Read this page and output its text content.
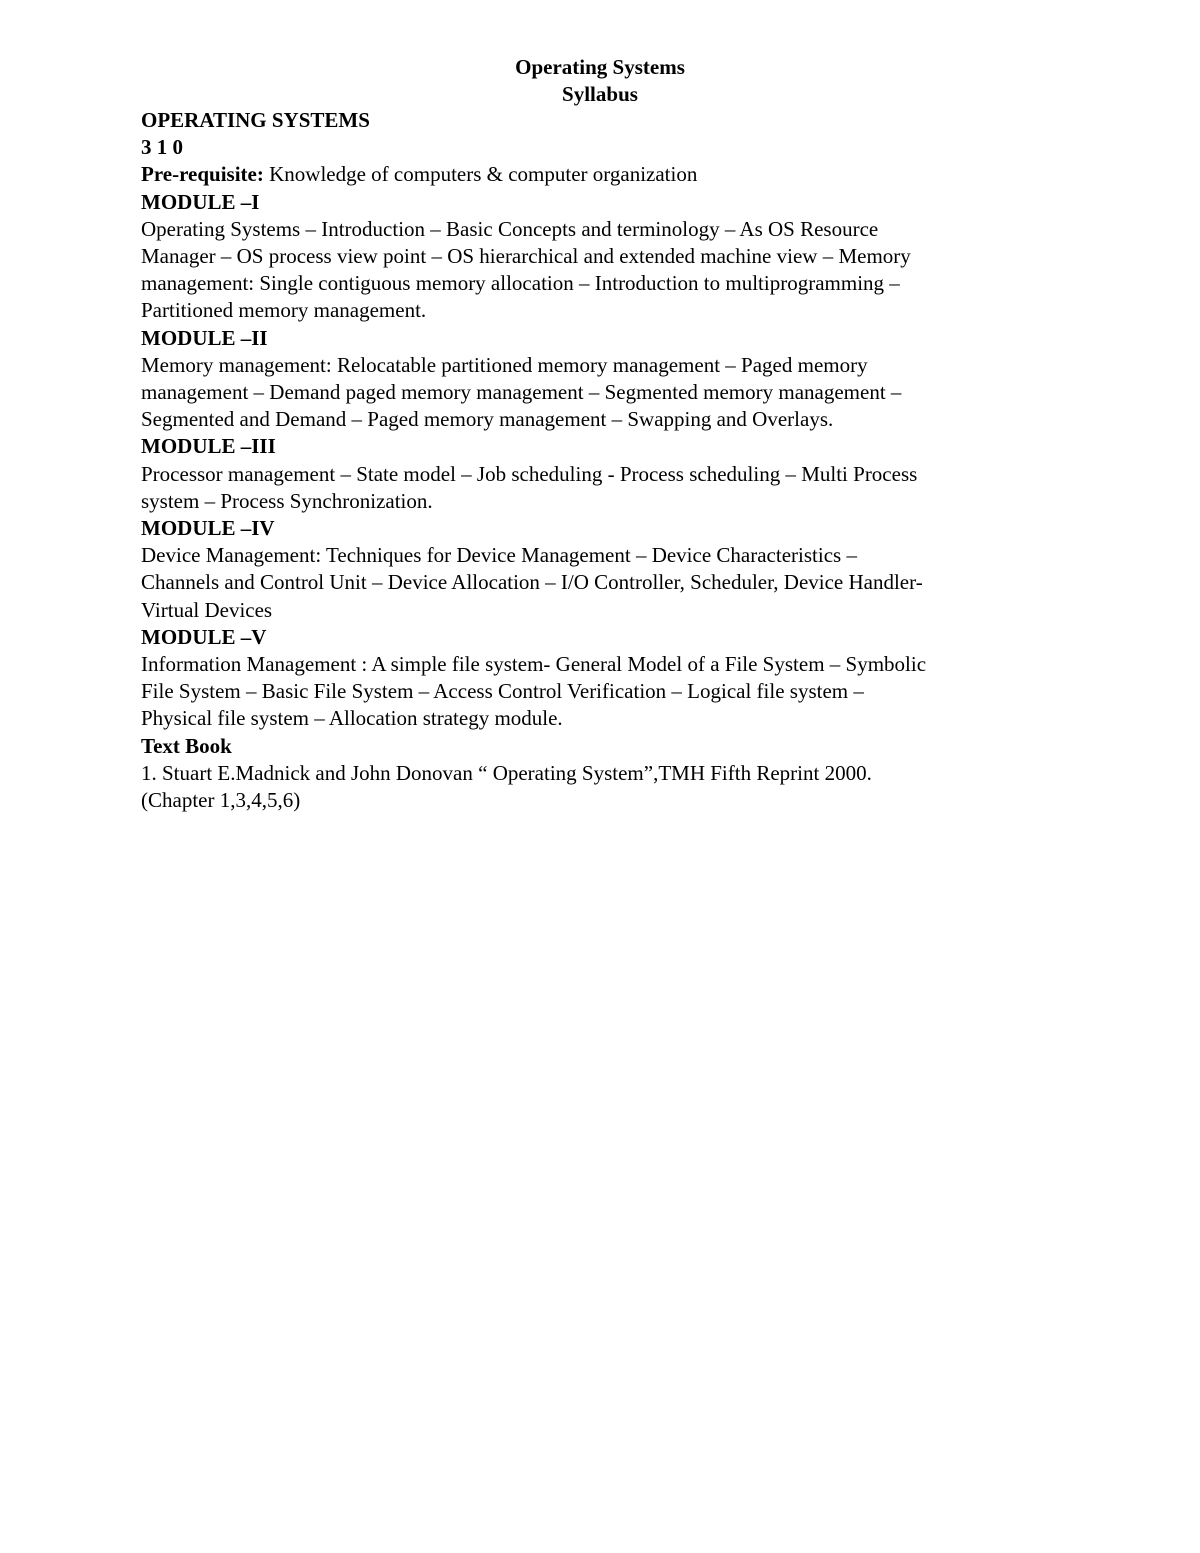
Operating Systems
Syllabus
OPERATING SYSTEMS
3 1 0
Pre-requisite: Knowledge of computers & computer organization
MODULE –I
Operating Systems – Introduction – Basic Concepts and terminology – As OS Resource
Manager – OS process view point – OS hierarchical and extended machine view – Memory
management: Single contiguous memory allocation – Introduction to multiprogramming –
Partitioned memory management.
MODULE –II
Memory management: Relocatable partitioned memory management – Paged memory
management – Demand paged memory management – Segmented memory management –
Segmented and Demand – Paged memory management – Swapping and Overlays.
MODULE –III
Processor management – State model – Job scheduling - Process scheduling – Multi Process
system – Process Synchronization.
MODULE –IV
Device Management: Techniques for Device Management – Device Characteristics –
Channels and Control Unit – Device Allocation – I/O Controller, Scheduler, Device Handler-
Virtual Devices
MODULE –V
Information Management : A simple file system- General Model of a File System – Symbolic
File System – Basic File System – Access Control Verification – Logical file system –
Physical file system – Allocation strategy module.
Text Book
1. Stuart E.Madnick and John Donovan “ Operating System”,TMH Fifth Reprint 2000.
(Chapter 1,3,4,5,6)
